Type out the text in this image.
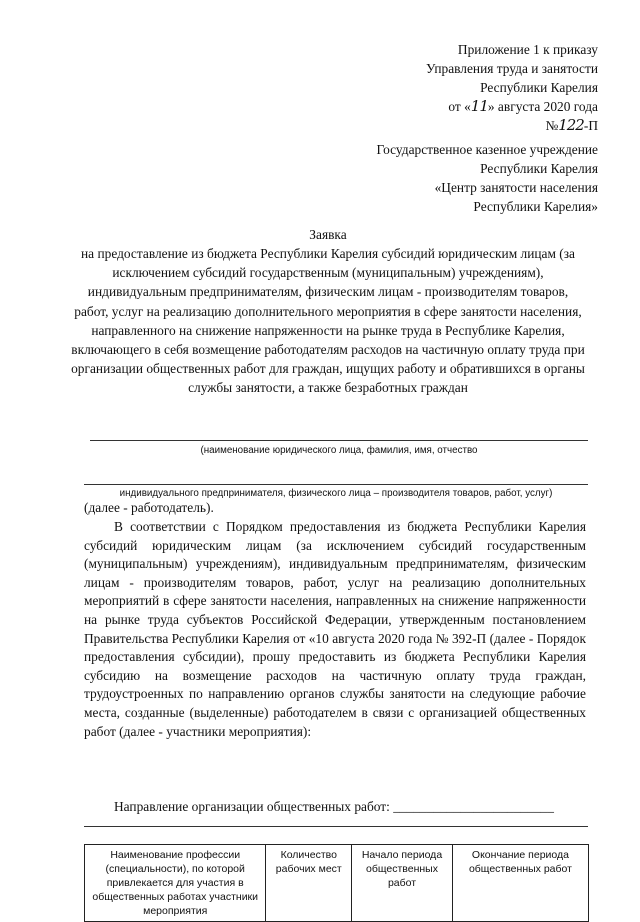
Приложение 1 к приказу
Управления труда и занятости
Республики Карелия
от «11» августа 2020 года
№122-П
Государственное казенное учреждение
Республики Карелия
«Центр занятости населения
Республики Карелия»
Заявка
на предоставление из бюджета Республики Карелия субсидий юридическим лицам (за исключением субсидий государственным (муниципальным) учреждениям), индивидуальным предпринимателям, физическим лицам - производителям товаров, работ, услуг на реализацию дополнительного мероприятия в сфере занятости населения, направленного на снижение напряженности на рынке труда в Республике Карелия, включающего в себя возмещение работодателям расходов на частичную оплату труда при организации общественных работ для граждан, ищущих работу и обратившихся в органы службы занятости, а также безработных граждан
(наименование юридического лица, фамилия, имя, отчество
индивидуального предпринимателя, физического лица – производителя товаров, работ, услуг)
(далее - работодатель).
В соответствии с Порядком предоставления из бюджета Республики Карелия субсидий юридическим лицам (за исключением субсидий государственным (муниципальным) учреждениям), индивидуальным предпринимателям, физическим лицам - производителям товаров, работ, услуг на реализацию дополнительных мероприятий в сфере занятости населения, направленных на снижение напряженности на рынке труда субъектов Российской Федерации, утвержденным постановлением Правительства Республики Карелия от «10 августа 2020 года № 392-П (далее - Порядок предоставления субсидии), прошу предоставить из бюджета Республики Карелия субсидию на возмещение расходов на частичную оплату труда граждан, трудоустроенных по направлению органов службы занятости на следующие рабочие места, созданные (выделенные) работодателем в связи с организацией общественных работ (далее - участники мероприятия):
Направление организации общественных работ: ________________________
Наименование профессии (специальности), по которой привлекается для участия в общественных работах участники мероприятия	Количество рабочих мест	Начало периода общественных работ	Окончание периода общественных работ
